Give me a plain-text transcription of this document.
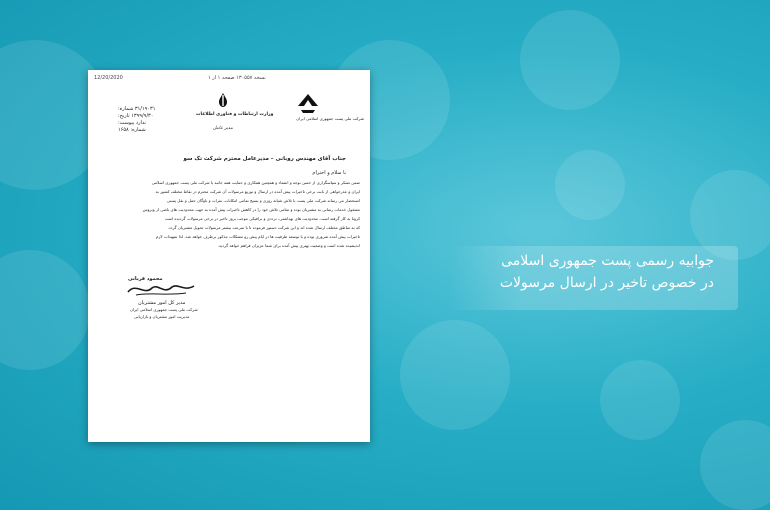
12/20/2020	نسخه ۱۳۰۵۵۷ صفحه ۱ از ۱
شرکت ملی پست جمهوری اسلامی ایران
وزارت ارتباطات و فناوری اطلاعات
مدیر عامل
۳۱/۱۹۰۳۱ شماره:
۱۳۹۹/۹/۳۰ تاریخ:
ندارد پیوست:
شماره: ۱۶۵۸
جناب آقای مهندس روبانی – مدیرعامل محترم شرکت تک سو
با سلام و احترام
ضمن تشکر و سپاسگزاری از حسن توجه و اعتماد و همچنین همکاری و حمایت همه جانبه با شرکت ملی پست جمهوری اسلامی
ایران و عذرخواهی از بابت برخی تاخیرات پیش آمده در ارسال و توزیع مرسولات آن شرکت محترم در نقاط مختلف کشور به
استحضار می رساند شرکت ملی پست با تلاش شبانه روزی و بسیج تمامی امکانات، نفرات و ناوگان حمل و نقل پستی
مشغول خدمات رسانی به مشتریان بوده و تمامی تلاش خود را در کاهش تاخیرات پیش آمده به جهت محدودیت های ناشی از ویروس
کرونا به کار گرفته است. محدودیت های بهداشتی، ترددی و ترافیکی موجب بروز تاخیر در برخی مرسولات گردیده است
که به مناطق مختلف ارسال شده اند و این شرکت دستور فرموده تا با سرعت بیشتر مرسولات تحویل مشتریان گردد.
تاخیرات پیش آمده ضروری بوده و با توسعه ظرفیت ها در ایام پیش رو مشکلات مذکور برطرف خواهد شد. لذا تمهیدات لازم
اندیشیده شده است و وضعیت بهتری پیش آمده برای شما عزیزان فراهم خواهد گردید.
محمود قربانی
مدیر کل امور مشتریان
شرکت ملی پست جمهوری اسلامی ایران
مدیریت امور مشتریان و بازاریابی
جوابیه رسمی پست جمهوری اسلامی
در خصوص تاخیر در ارسال مرسولات
